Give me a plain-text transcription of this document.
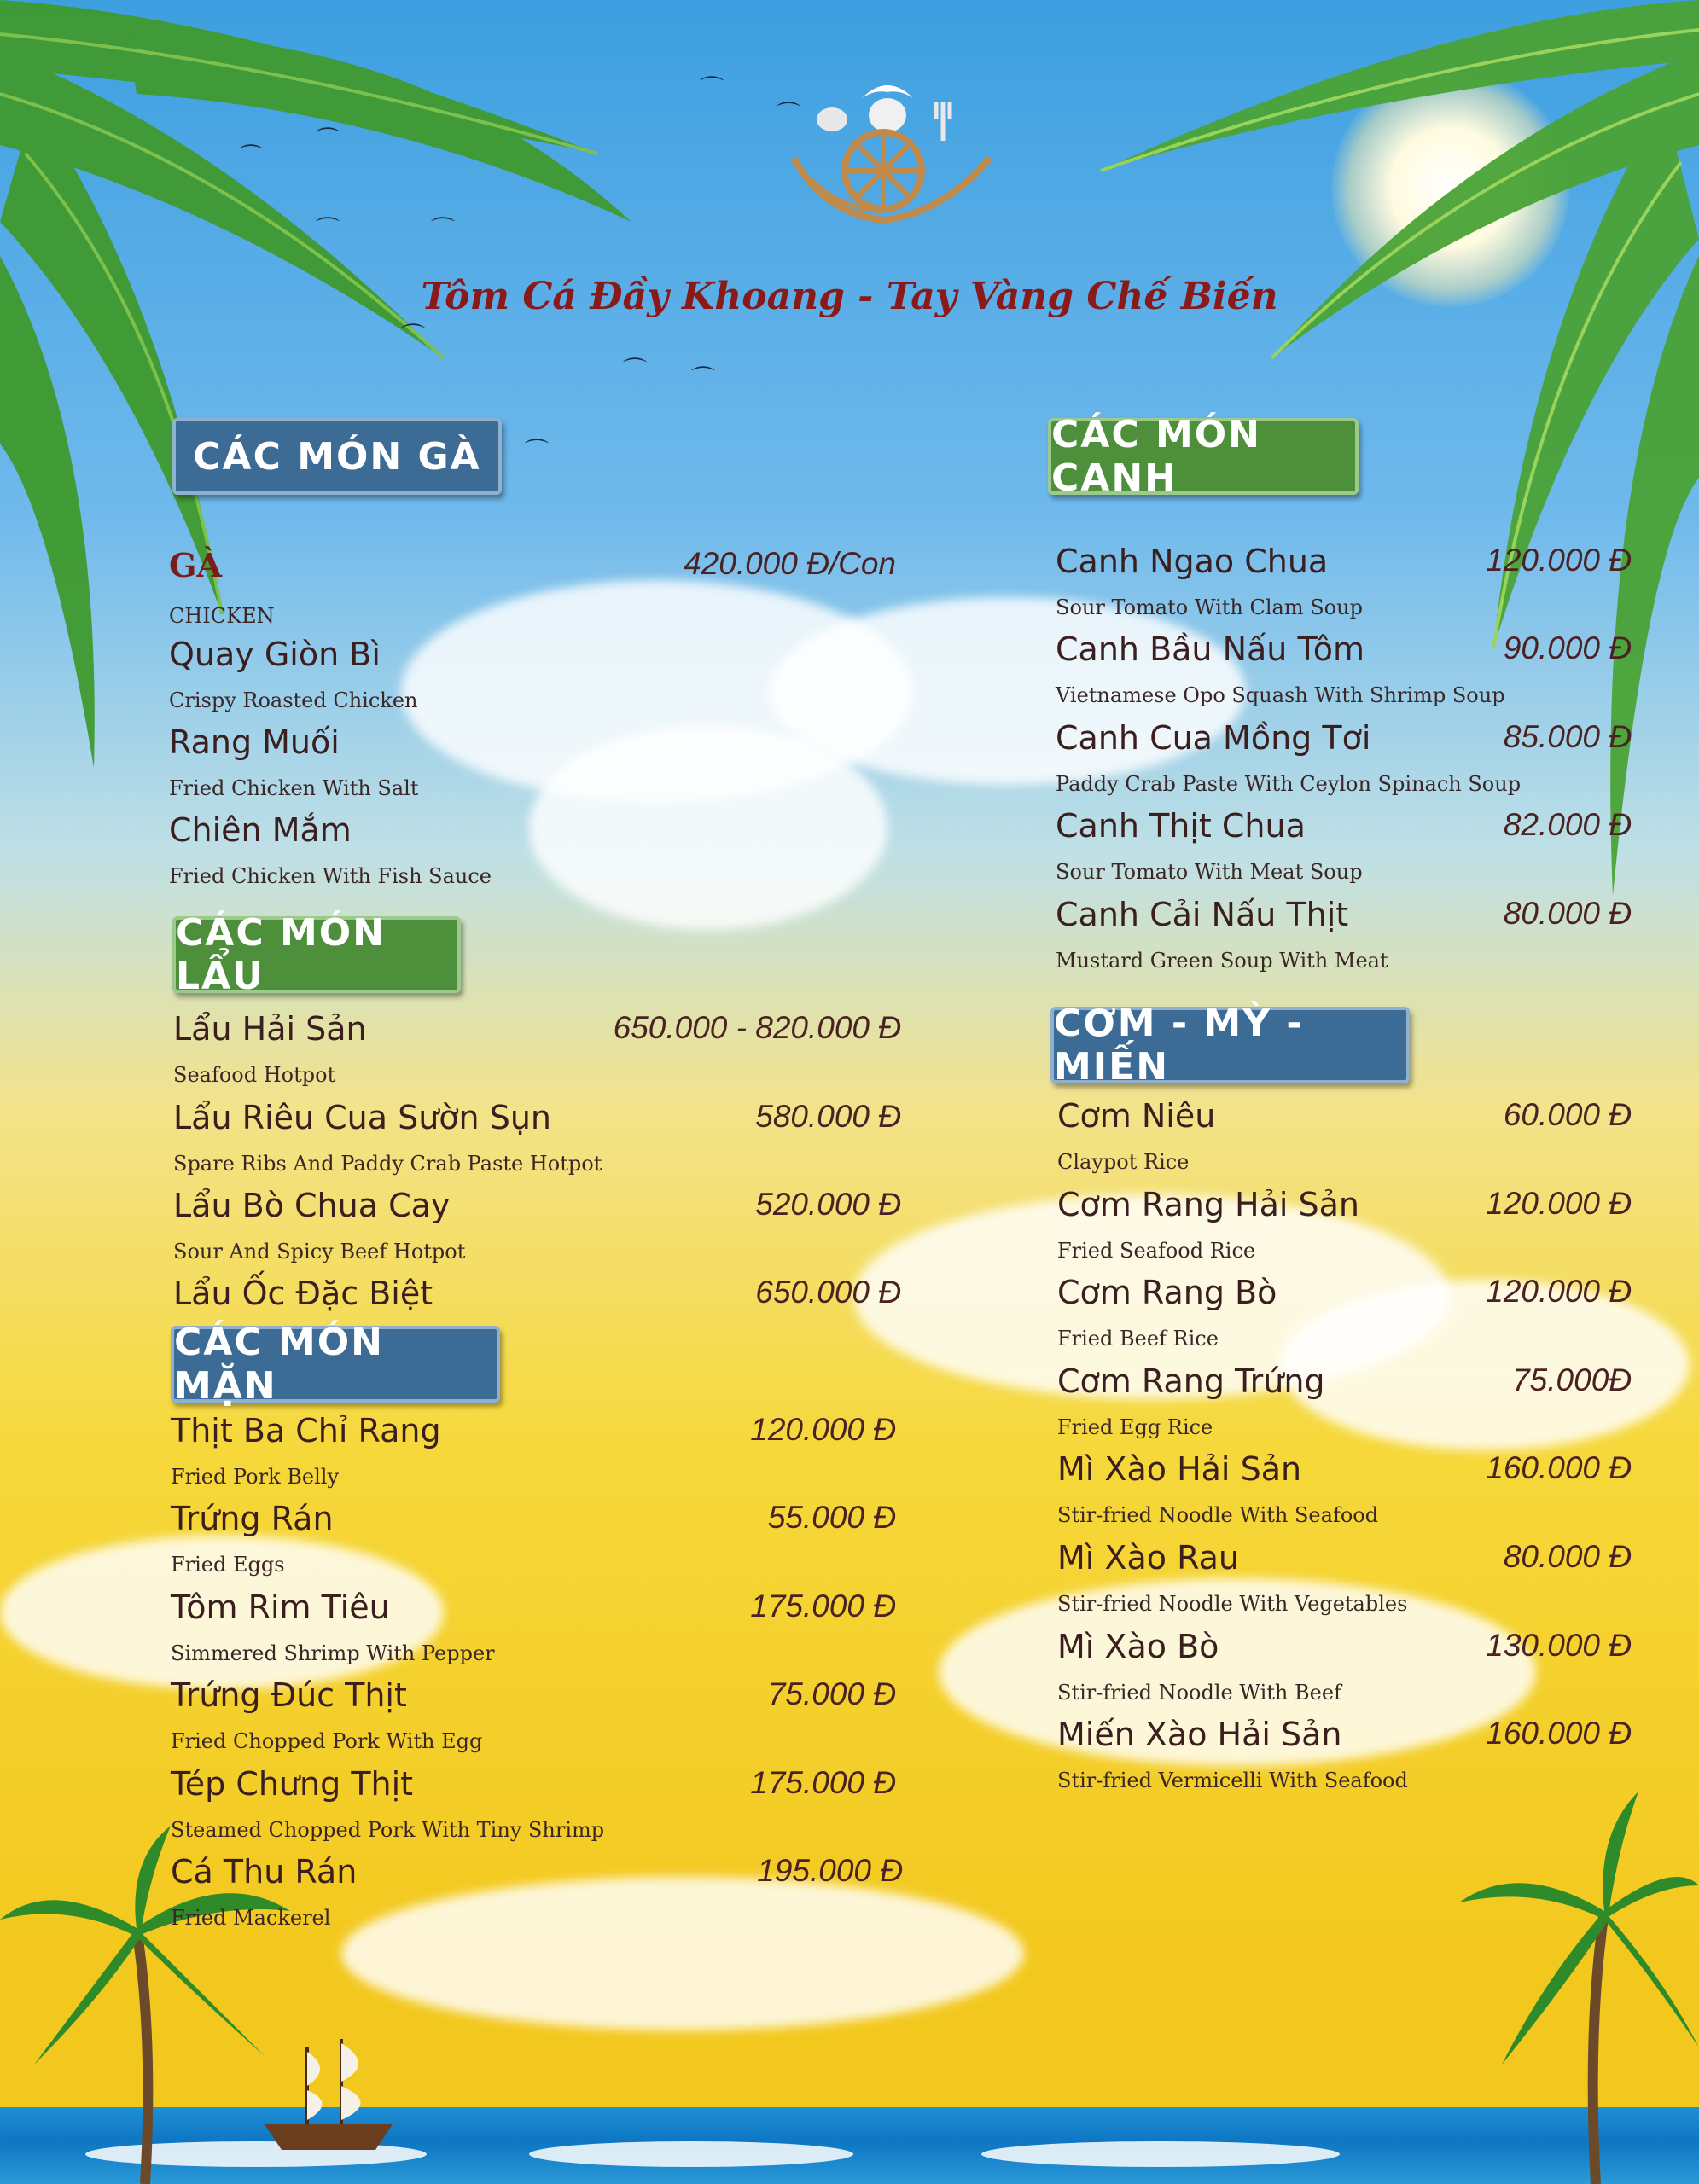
⌒
⌒
⌒
⌒
⌒	⌒
⌒
⌒ ⌒
⌒
Tôm Cá Đầy Khoang - Tay Vàng Chế Biến
CÁC MÓN GÀ
GÀ	420.000 Đ/Con
CHICKEN
Quay Giòn Bì
Crispy Roasted Chicken
Rang Muối
Fried Chicken With Salt
Chiên Mắm
Fried Chicken With Fish Sauce
CÁC MÓN LẨU
Lẩu Hải Sản	650.000 - 820.000 Đ
Seafood Hotpot
Lẩu Riêu Cua Sườn Sụn	580.000 Đ
Spare Ribs And Paddy Crab Paste Hotpot
Lẩu Bò Chua Cay	520.000 Đ
Sour And Spicy Beef Hotpot
Lẩu Ốc Đặc Biệt	650.000 Đ
CÁC MÓN MẶN
Thịt Ba Chỉ Rang	120.000 Đ
Fried Pork Belly
Trứng Rán	55.000 Đ
Fried Eggs
Tôm Rim Tiêu	175.000 Đ
Simmered Shrimp With Pepper
Trứng Đúc Thịt	75.000 Đ
Fried Chopped Pork With Egg
Tép Chưng Thịt	175.000 Đ
Steamed Chopped Pork With Tiny Shrimp
Cá Thu Rán	195.000 Đ
Fried Mackerel
CÁC MÓN CANH
Canh Ngao Chua	120.000 Đ
Sour Tomato With Clam Soup
Canh Bầu Nấu Tôm	90.000 Đ
Vietnamese Opo Squash With Shrimp Soup
Canh Cua Mồng Tơi	85.000 Đ
Paddy Crab Paste With Ceylon Spinach Soup
Canh Thịt Chua	82.000 Đ
Sour Tomato With Meat Soup
Canh Cải Nấu Thịt	80.000 Đ
Mustard Green Soup With Meat
CƠM - MỲ - MIẾN
Cơm Niêu	60.000 Đ
Claypot Rice
Cơm Rang Hải Sản	120.000 Đ
Fried Seafood Rice
Cơm Rang Bò	120.000 Đ
Fried Beef Rice
Cơm Rang Trứng	75.000Đ
Fried Egg Rice
Mì Xào Hải Sản	160.000 Đ
Stir-fried Noodle With Seafood
Mì Xào Rau	80.000 Đ
Stir-fried Noodle With Vegetables
Mì Xào Bò	130.000 Đ
Stir-fried Noodle With Beef
Miến Xào Hải Sản	160.000 Đ
Stir-fried Vermicelli With Seafood
